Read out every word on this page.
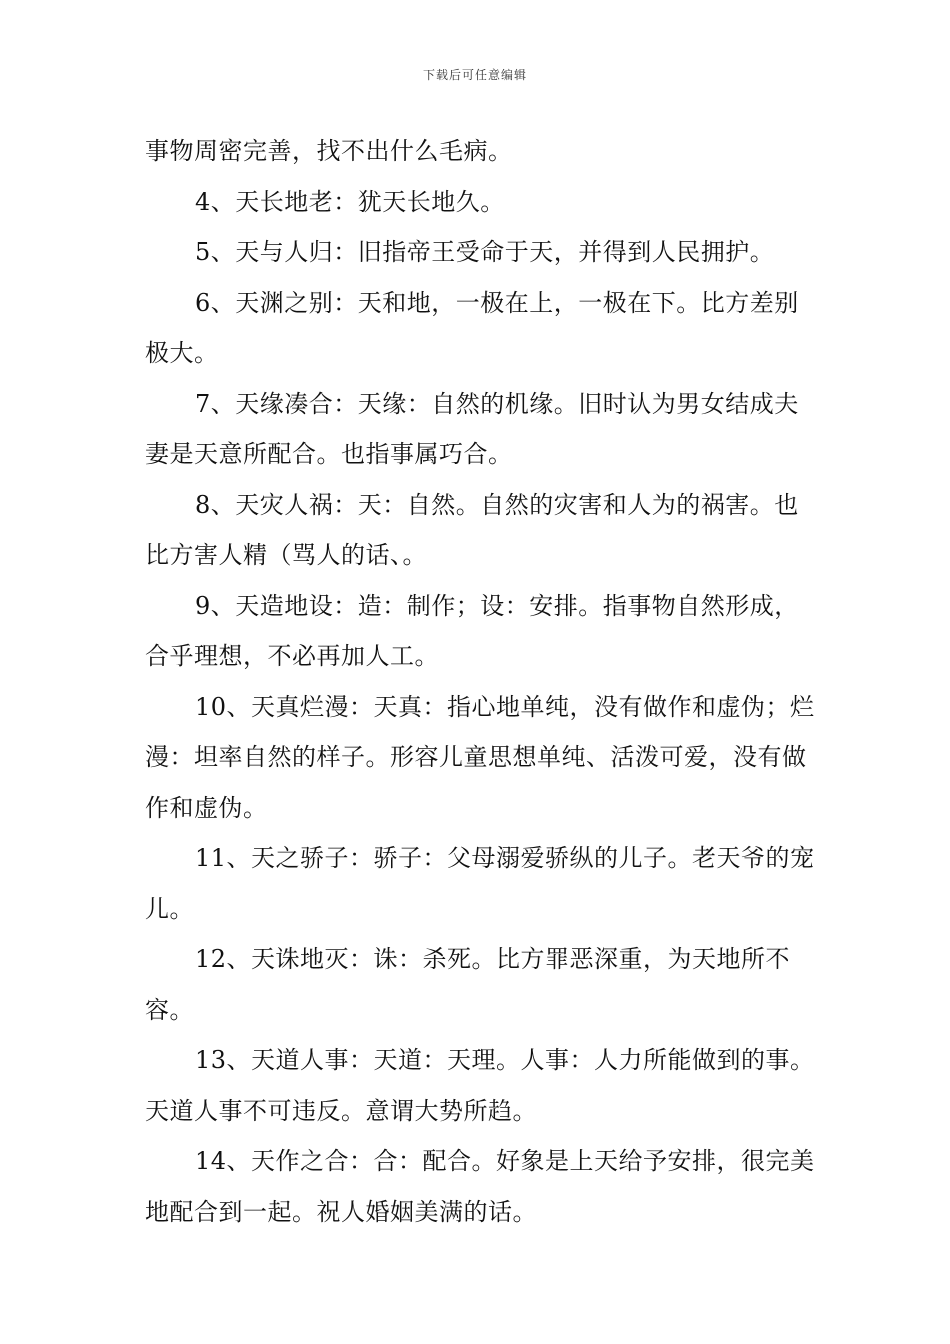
下载后可任意编辑

事物周密完善，找不出什么毛病。

4、天长地老：犹天长地久。

5、天与人归：旧指帝王受命于天，并得到人民拥护。

6、天渊之别：天和地，一极在上，一极在下。比方差别极大。

7、天缘凑合：天缘：自然的机缘。旧时认为男女结成夫妻是天意所配合。也指事属巧合。

8、天灾人祸：天：自然。自然的灾害和人为的祸害。也比方害人精（骂人的话、。

9、天造地设：造：制作；设：安排。指事物自然形成，合乎理想，不必再加人工。

10、天真烂漫：天真：指心地单纯，没有做作和虚伪；烂漫：坦率自然的样子。形容儿童思想单纯、活泼可爱，没有做作和虚伪。

11、天之骄子：骄子：父母溺爱骄纵的儿子。老天爷的宠儿。

12、天诛地灭：诛：杀死。比方罪恶深重，为天地所不容。

13、天道人事：天道：天理。人事：人力所能做到的事。天道人事不可违反。意谓大势所趋。

14、天作之合：合：配合。好象是上天给予安排，很完美地配合到一起。祝人婚姻美满的话。
